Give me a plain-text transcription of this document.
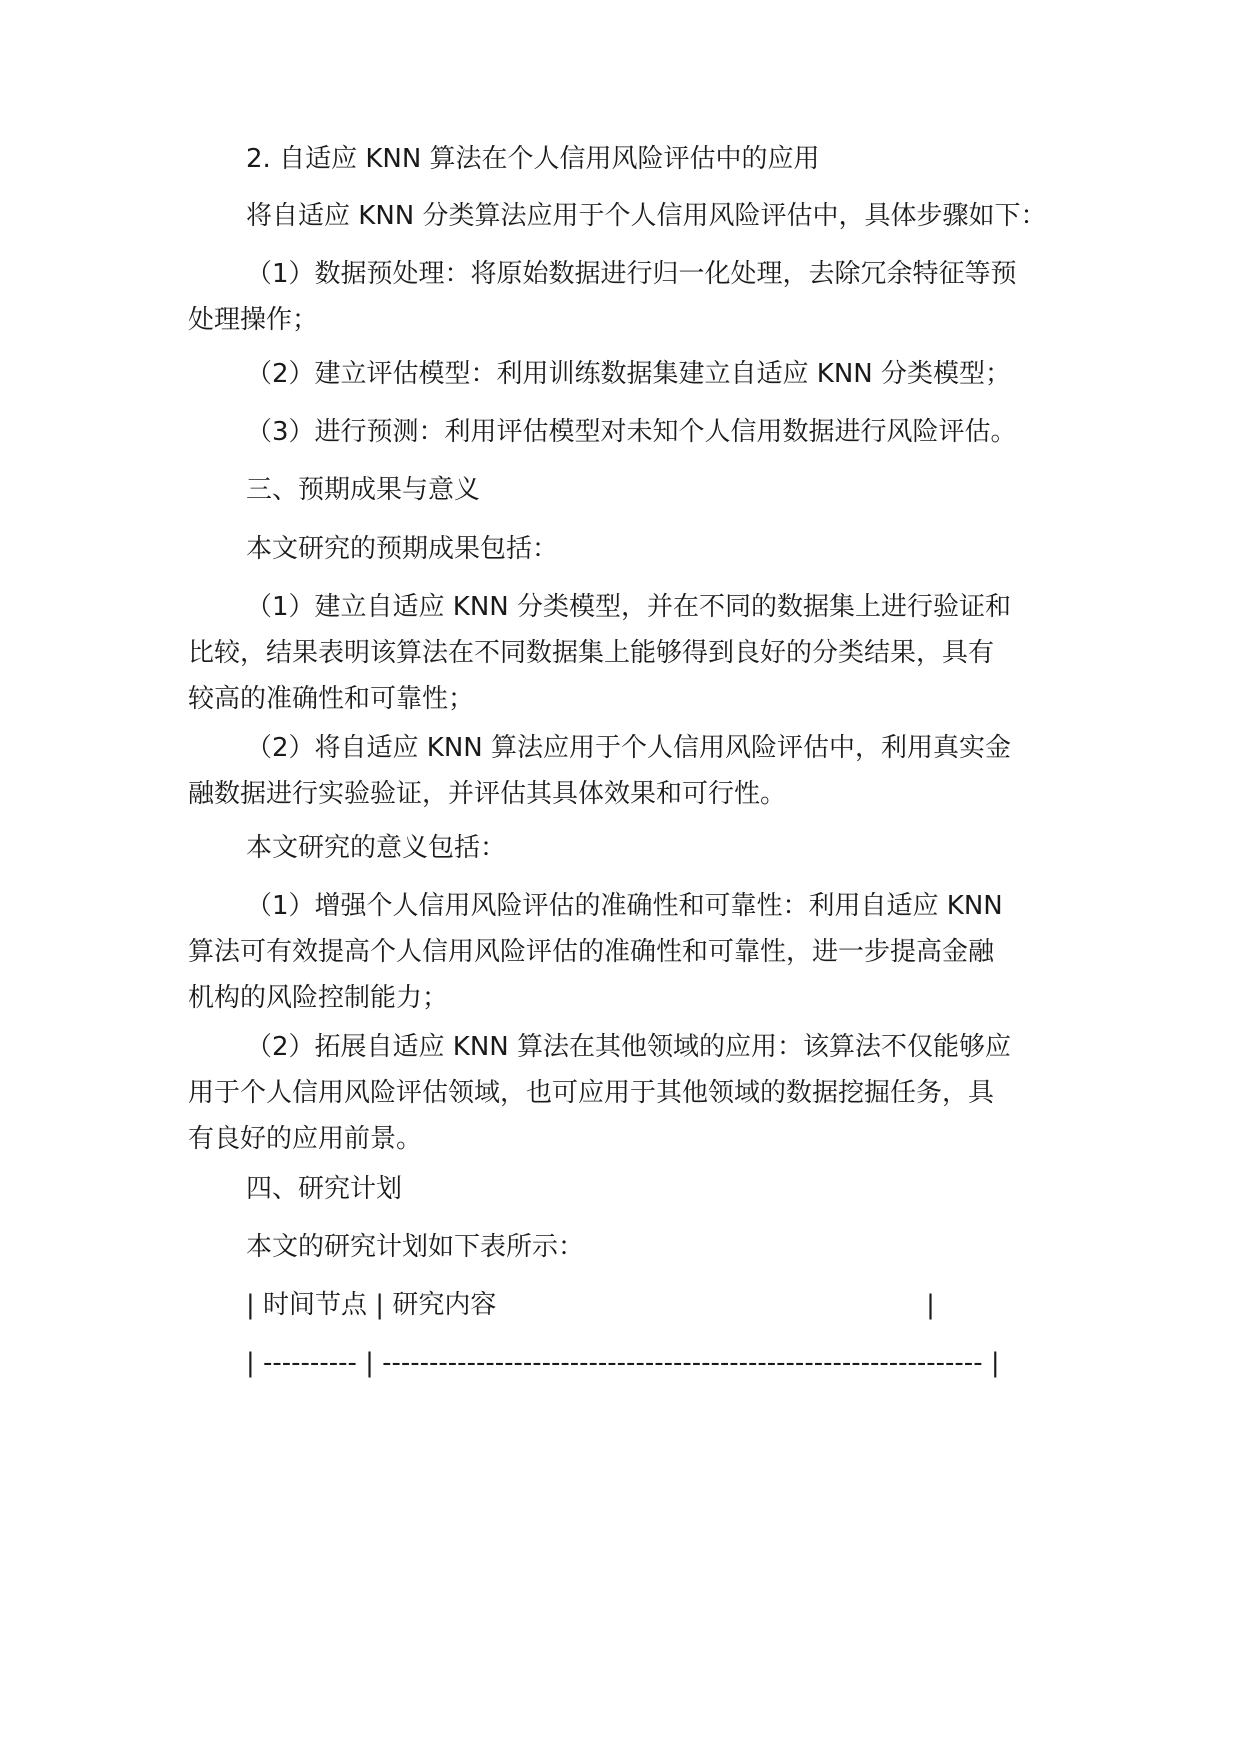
2. 自适应 KNN 算法在个人信用风险评估中的应用

将自适应 KNN 分类算法应用于个人信用风险评估中，具体步骤如下：

（1）数据预处理：将原始数据进行归一化处理，去除冗余特征等预
处理操作；

（2）建立评估模型：利用训练数据集建立自适应 KNN 分类模型；

（3）进行预测：利用评估模型对未知个人信用数据进行风险评估。

三、预期成果与意义

本文研究的预期成果包括：

（1）建立自适应 KNN 分类模型，并在不同的数据集上进行验证和
比较，结果表明该算法在不同数据集上能够得到良好的分类结果，具有
较高的准确性和可靠性；

（2）将自适应 KNN 算法应用于个人信用风险评估中，利用真实金
融数据进行实验验证，并评估其具体效果和可行性。

本文研究的意义包括：

（1）增强个人信用风险评估的准确性和可靠性：利用自适应 KNN
算法可有效提高个人信用风险评估的准确性和可靠性，进一步提高金融
机构的风险控制能力；

（2）拓展自适应 KNN 算法在其他领域的应用：该算法不仅能够应
用于个人信用风险评估领域，也可应用于其他领域的数据挖掘任务，具
有良好的应用前景。

四、研究计划

本文的研究计划如下表所示：

| 时间节点 | 研究内容                                                    |
| ---------- | ---------------------------------------------------------------- |
